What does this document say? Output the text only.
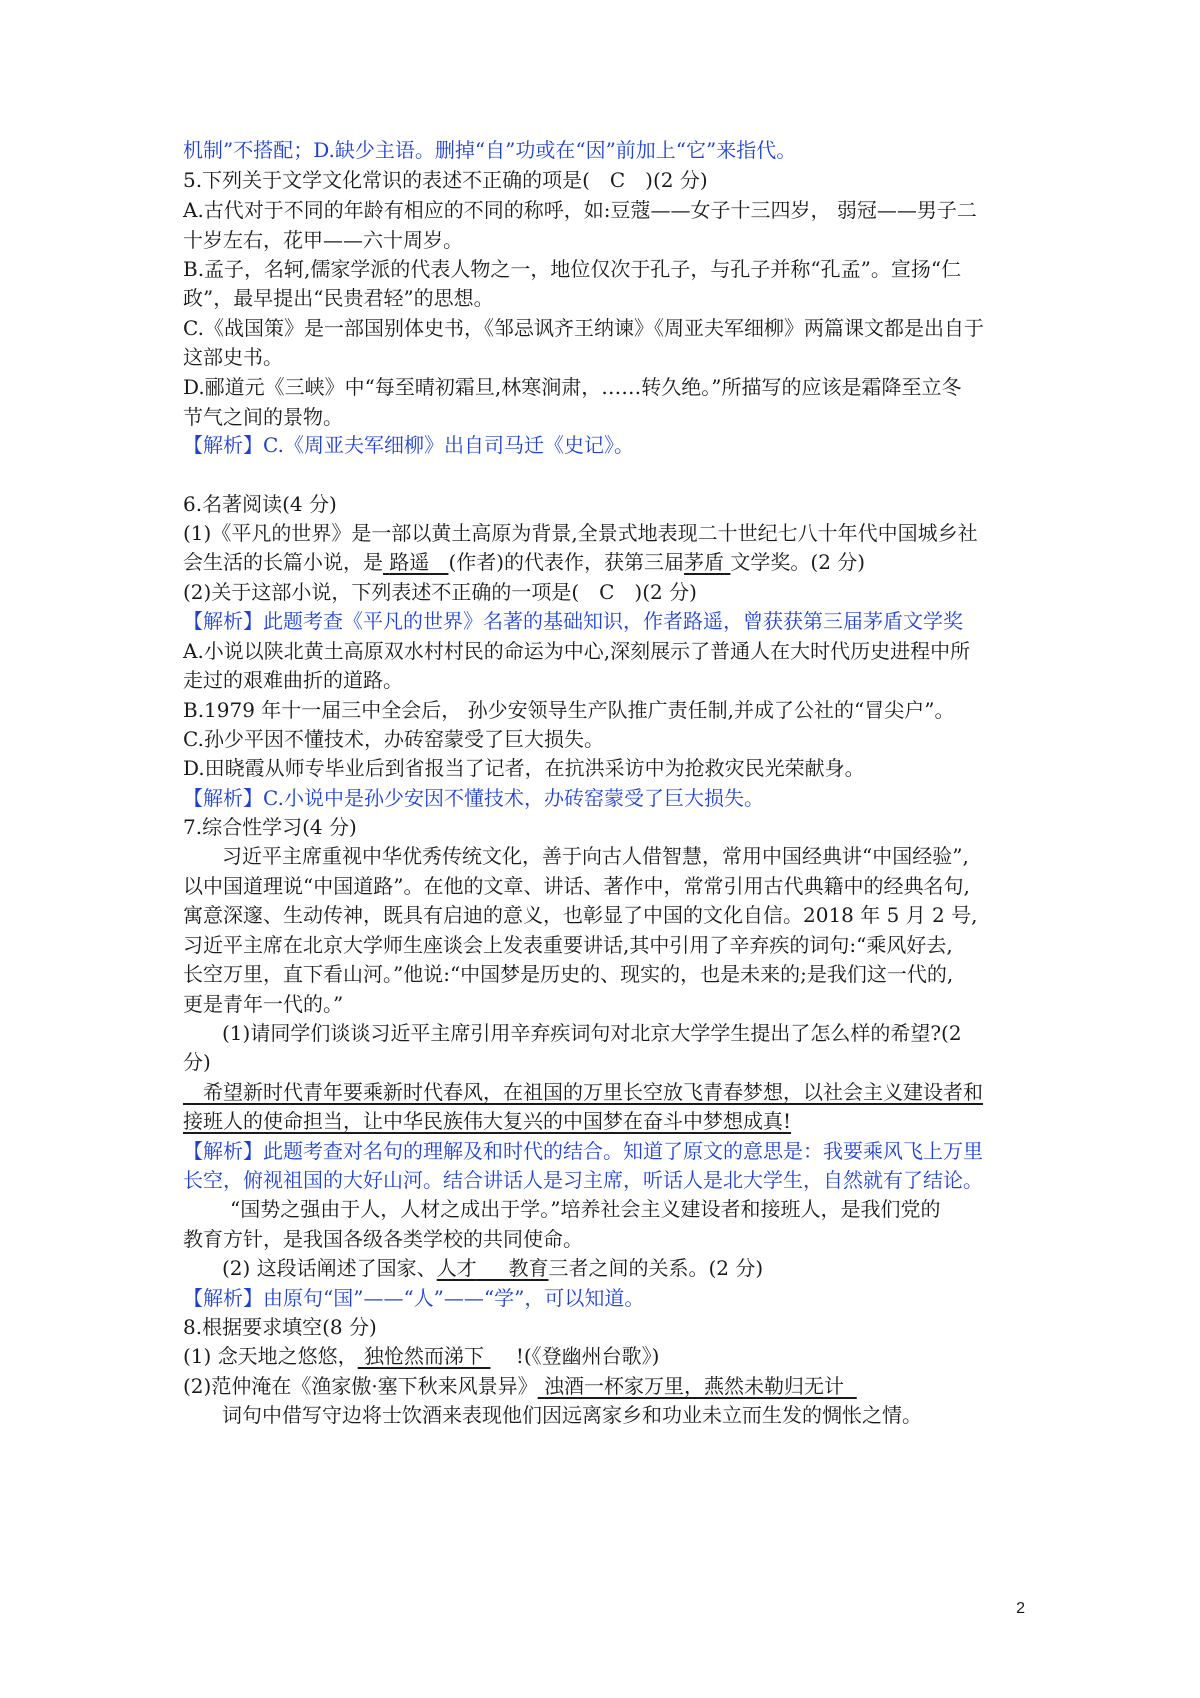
机制”不搭配；D.缺少主语。删掉“自”功或在“因”前加上“它”来指代。
5.下列关于文学文化常识的表述不正确的项是(　C　)(2 分)
A.古代对于不同的年龄有相应的不同的称呼，如:豆蔻——女子十三四岁， 弱冠——男子二
十岁左右，花甲——六十周岁。
B.孟子，名轲,儒家学派的代表人物之一，地位仅次于孔子，与孔子并称“孔孟”。宣扬“仁
政”，最早提出“民贵君轻”的思想。
C.《战国策》是一部国别体史书，《邹忌讽齐王纳谏》《周亚夫军细柳》两篇课文都是出自于
这部史书。
D.郦道元《三峡》中“每至晴初霜旦,林寒涧肃，……转久绝。”所描写的应该是霜降至立冬
节气之间的景物。
【解析】C.《周亚夫军细柳》出自司马迁《史记》。
6.名著阅读(4 分)
(1)《平凡的世界》是一部以黄土高原为背景,全景式地表现二十世纪七八十年代中国城乡社
会生活的长篇小说，是 路遥 (作者)的代表作，获第三届茅盾 文学奖。(2 分)
(2)关于这部小说，下列表述不正确的一项是(　C　)(2 分)
【解析】此题考查《平凡的世界》名著的基础知识，作者路遥，曾获获第三届茅盾文学奖
A.小说以陕北黄土高原双水村村民的命运为中心,深刻展示了普通人在大时代历史进程中所
走过的艰难曲折的道路。
B.1979 年十一届三中全会后， 孙少安领导生产队推广责任制,并成了公社的“冒尖户”。
C.孙少平因不懂技术，办砖窑蒙受了巨大损失。
D.田晓霞从师专毕业后到省报当了记者，在抗洪采访中为抢救灾民光荣献身。
【解析】C.小说中是孙少安因不懂技术，办砖窑蒙受了巨大损失。
7.综合性学习(4 分)
习近平主席重视中华优秀传统文化，善于向古人借智慧，常用中国经典讲“中国经验”,
以中国道理说“中国道路”。在他的文章、讲话、著作中，常常引用古代典籍中的经典名句,
寓意深邃、生动传神，既具有启迪的意义，也彰显了中国的文化自信。2018 年 5 月 2 号,
习近平主席在北京大学师生座谈会上发表重要讲话,其中引用了辛弃疾的词句:“乘风好去,
长空万里，直下看山河。”他说:“中国梦是历史的、现实的，也是未来的;是我们这一代的,
更是青年一代的。”
(1)请同学们谈谈习近平主席引用辛弃疾词句对北京大学学生提出了怎么样的希望?(2
分)
　希望新时代青年要乘新时代春风，在祖国的万里长空放飞青春梦想，以社会主义建设者和
接班人的使命担当，让中华民族伟大复兴的中国梦在奋斗中梦想成真!
【解析】此题考查对名句的理解及和时代的结合。知道了原文的意思是：我要乘风飞上万里
长空，俯视祖国的大好山河。结合讲话人是习主席，听话人是北大学生，自然就有了结论。
“国势之强由于人，人材之成出于学。”培养社会主义建设者和接班人，是我们党的
教育方针，是我国各级各类学校的共同使命。
(2) 这段话阐述了国家、人才 教育三者之间的关系。(2 分)
【解析】由原句“国”——“人”——“学”，可以知道。
8.根据要求填空(8 分)
(1) 念天地之悠悠， 独怆然而涕下 !(《登幽州台歌》)
(2)范仲淹在《渔家傲·塞下秋来风景异》 浊酒一杯家万里，燕然未勒归无计
词句中借写守边将士饮酒来表现他们因远离家乡和功业未立而生发的惆怅之情。
2
